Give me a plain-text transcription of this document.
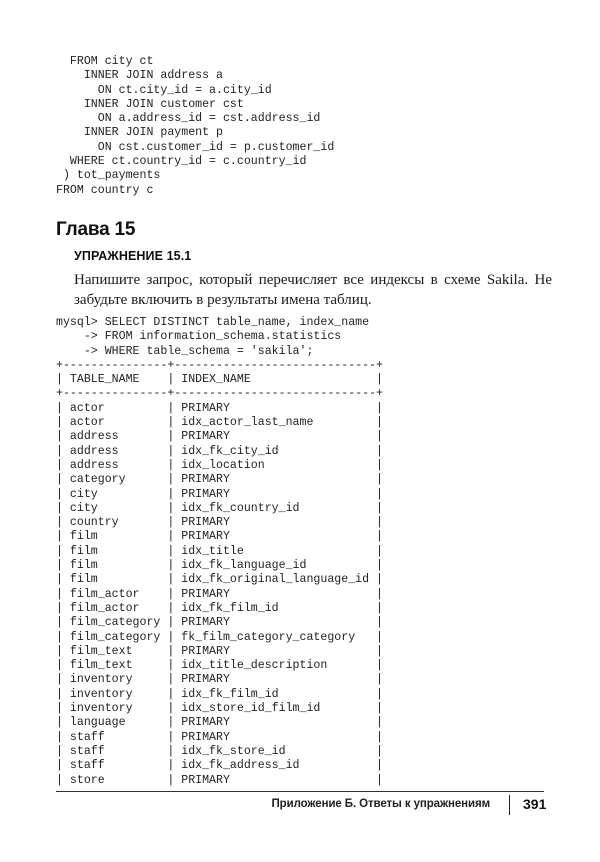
FROM city ct
INNER JOIN address a
ON ct.city_id = a.city_id
INNER JOIN customer cst
ON a.address_id = cst.address_id
INNER JOIN payment p
ON cst.customer_id = p.customer_id
WHERE ct.country_id = c.country_id
) tot_payments
FROM country c

Глава 15
УПРАЖНЕНИЕ 15.1

Напишите запрос, который перечисляет все индексы в схеме Sakila. Не забудьте включить в результаты имена таблиц.

mysql> SELECT DISTINCT table_name, index_name
-> FROM information_schema.statistics
-> WHERE table_schema = 'sakila';
+---------------+-----------------------------+
| TABLE_NAME    | INDEX_NAME                  |
+---------------+-----------------------------+
| actor         | PRIMARY                     |
| actor         | idx_actor_last_name         |
| address       | PRIMARY                     |
| address       | idx_fk_city_id              |
| address       | idx_location                |
| category      | PRIMARY                     |
| city          | PRIMARY                     |
| city          | idx_fk_country_id           |
| country       | PRIMARY                     |
| film          | PRIMARY                     |
| film          | idx_title                   |
| film          | idx_fk_language_id          |
| film          | idx_fk_original_language_id |
| film_actor    | PRIMARY                     |
| film_actor    | idx_fk_film_id              |
| film_category | PRIMARY                     |
| film_category | fk_film_category_category   |
| film_text     | PRIMARY                     |
| film_text     | idx_title_description       |
| inventory     | PRIMARY                     |
| inventory     | idx_fk_film_id              |
| inventory     | idx_store_id_film_id        |
| language      | PRIMARY                     |
| staff         | PRIMARY                     |
| staff         | idx_fk_store_id             |
| staff         | idx_fk_address_id           |
| store         | PRIMARY                     |

Приложение Б. Ответы к упражнениям 391
